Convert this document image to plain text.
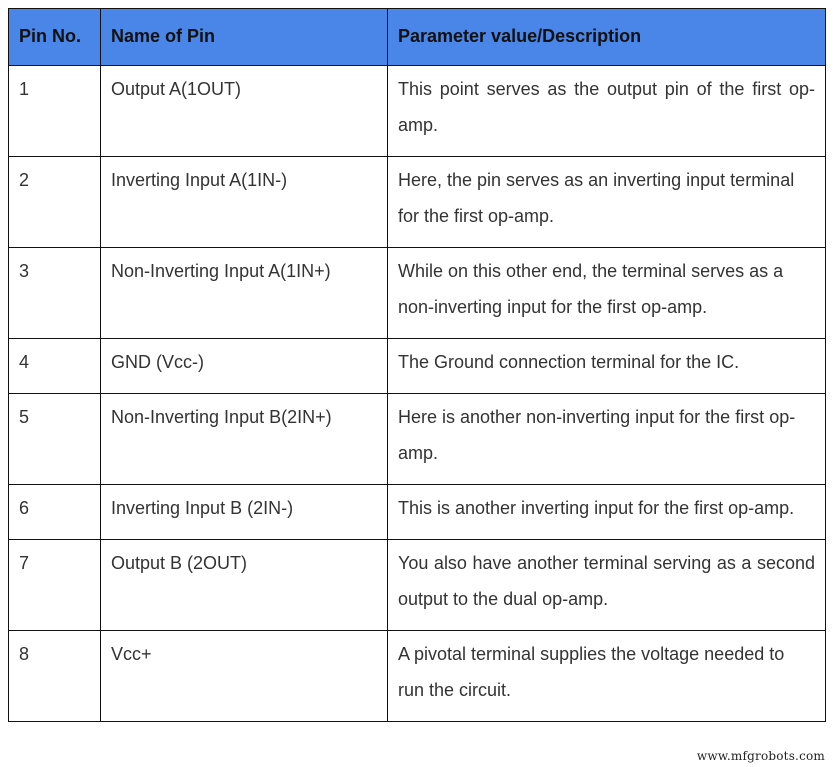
Pin No.	Name of Pin	Parameter value/Description
1	Output A(1OUT)	This point serves as the output pin of the first op-amp.
2	Inverting Input A(1IN-)	Here, the pin serves as an inverting input terminal for the first op-amp.
3	Non-Inverting Input A(1IN+)	While on this other end, the terminal serves as a non-inverting input for the first op-amp.
4	GND (Vcc-)	The Ground connection terminal for the IC.
5	Non-Inverting Input B(2IN+)	Here is another non-inverting input for the first op-amp.
6	Inverting Input B (2IN-)	This is another inverting input for the first op-amp.
7	Output B (2OUT)	You also have another terminal serving as a second output to the dual op-amp.
8	Vcc+	A pivotal terminal supplies the voltage needed to run the circuit.
www.mfgrobots.com
